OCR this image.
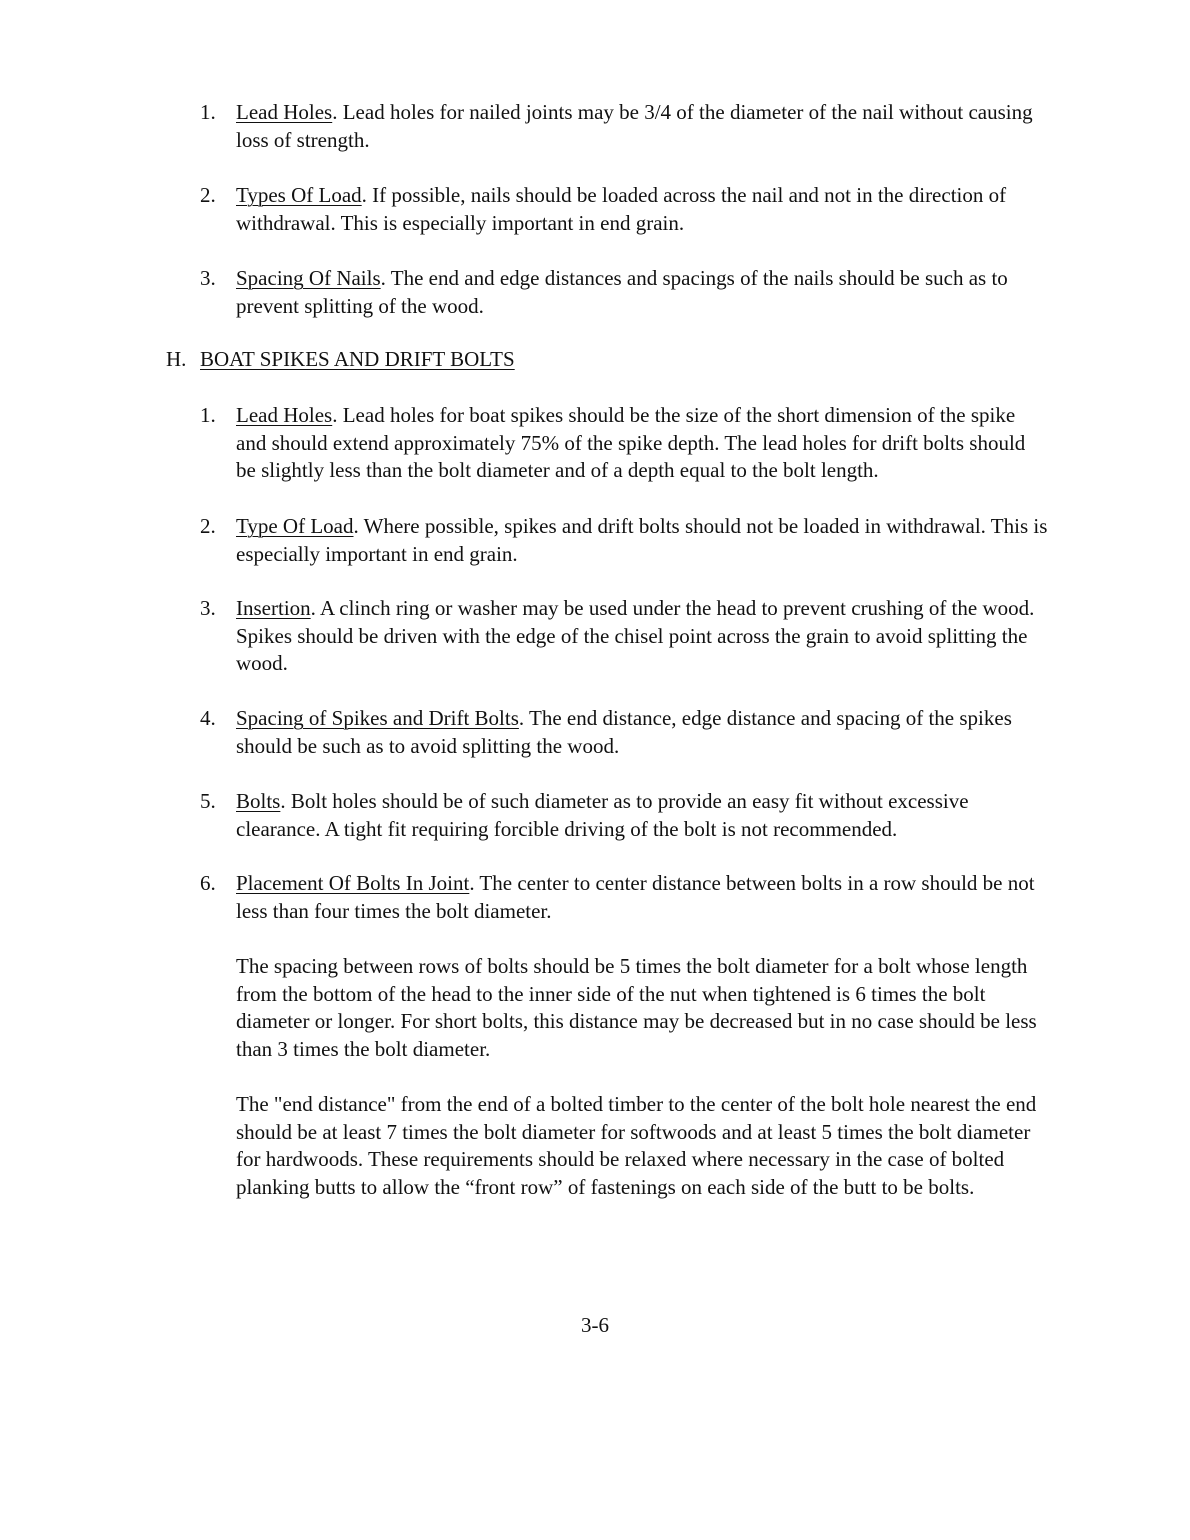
1. Lead Holes. Lead holes for nailed joints may be 3/4 of the diameter of the nail without causing loss of strength.
2. Types Of Load. If possible, nails should be loaded across the nail and not in the direction of withdrawal. This is especially important in end grain.
3. Spacing Of Nails. The end and edge distances and spacings of the nails should be such as to prevent splitting of the wood.
H. BOAT SPIKES AND DRIFT BOLTS
1. Lead Holes. Lead holes for boat spikes should be the size of the short dimension of the spike and should extend approximately 75% of the spike depth. The lead holes for drift bolts should be slightly less than the bolt diameter and of a depth equal to the bolt length.
2. Type Of Load. Where possible, spikes and drift bolts should not be loaded in withdrawal. This is especially important in end grain.
3. Insertion. A clinch ring or washer may be used under the head to prevent crushing of the wood. Spikes should be driven with the edge of the chisel point across the grain to avoid splitting the wood.
4. Spacing of Spikes and Drift Bolts. The end distance, edge distance and spacing of the spikes should be such as to avoid splitting the wood.
5. Bolts. Bolt holes should be of such diameter as to provide an easy fit without excessive clearance. A tight fit requiring forcible driving of the bolt is not recommended.
6. Placement Of Bolts In Joint. The center to center distance between bolts in a row should be not less than four times the bolt diameter.
The spacing between rows of bolts should be 5 times the bolt diameter for a bolt whose length from the bottom of the head to the inner side of the nut when tightened is 6 times the bolt diameter or longer. For short bolts, this distance may be decreased but in no case should be less than 3 times the bolt diameter.
The "end distance" from the end of a bolted timber to the center of the bolt hole nearest the end should be at least 7 times the bolt diameter for softwoods and at least 5 times the bolt diameter for hardwoods. These requirements should be relaxed where necessary in the case of bolted planking butts to allow the “front row” of fastenings on each side of the butt to be bolts.
3-6
